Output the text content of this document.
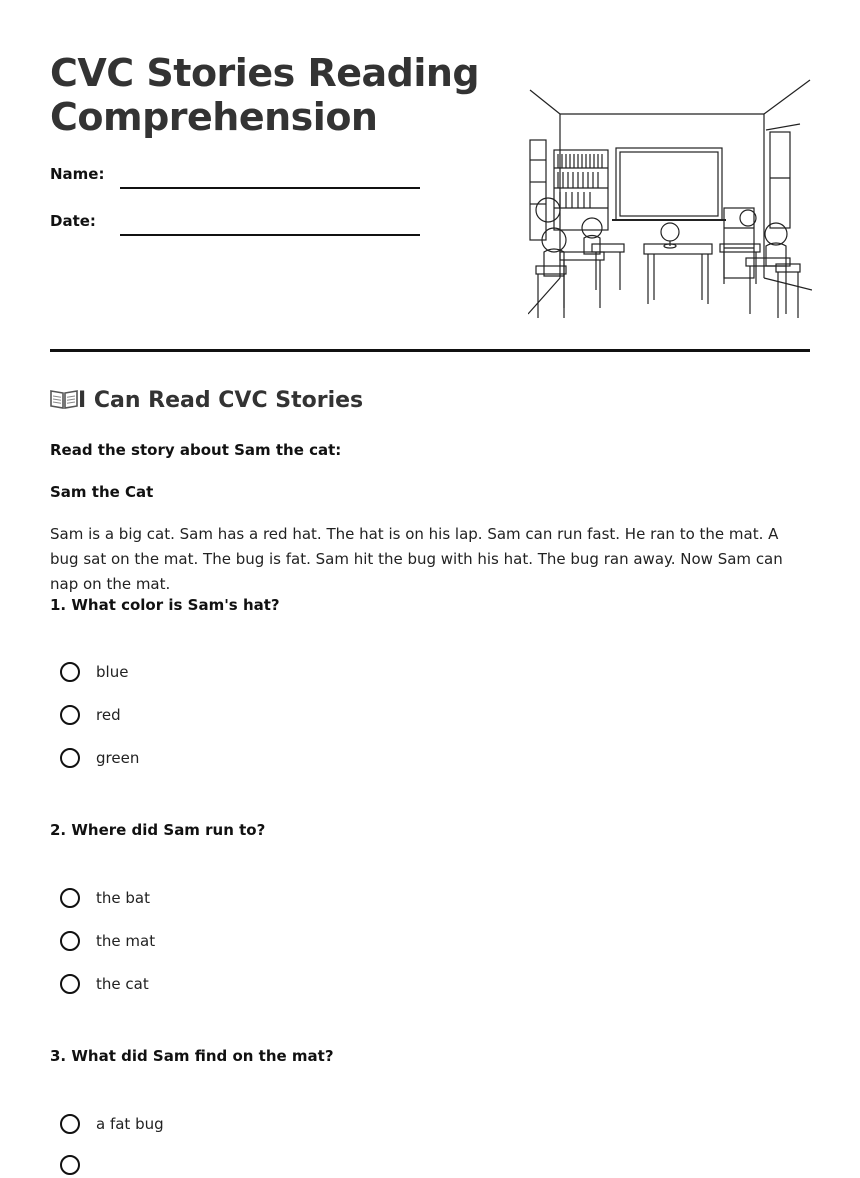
CVC Stories Reading Comprehension
Name:
Date:
I Can Read CVC Stories

Read the story about Sam the cat:

Sam the Cat

Sam is a big cat. Sam has a red hat. The hat is on his lap. Sam can run fast. He ran to the mat. A bug sat on the mat. The bug is fat. Sam hit the bug with his hat. The bug ran away. Now Sam can nap on the mat.

1. What color is Sam's hat?

blue
red
green

2. Where did Sam run to?

the bat
the mat
the cat

3. What did Sam find on the mat?

a fat bug
